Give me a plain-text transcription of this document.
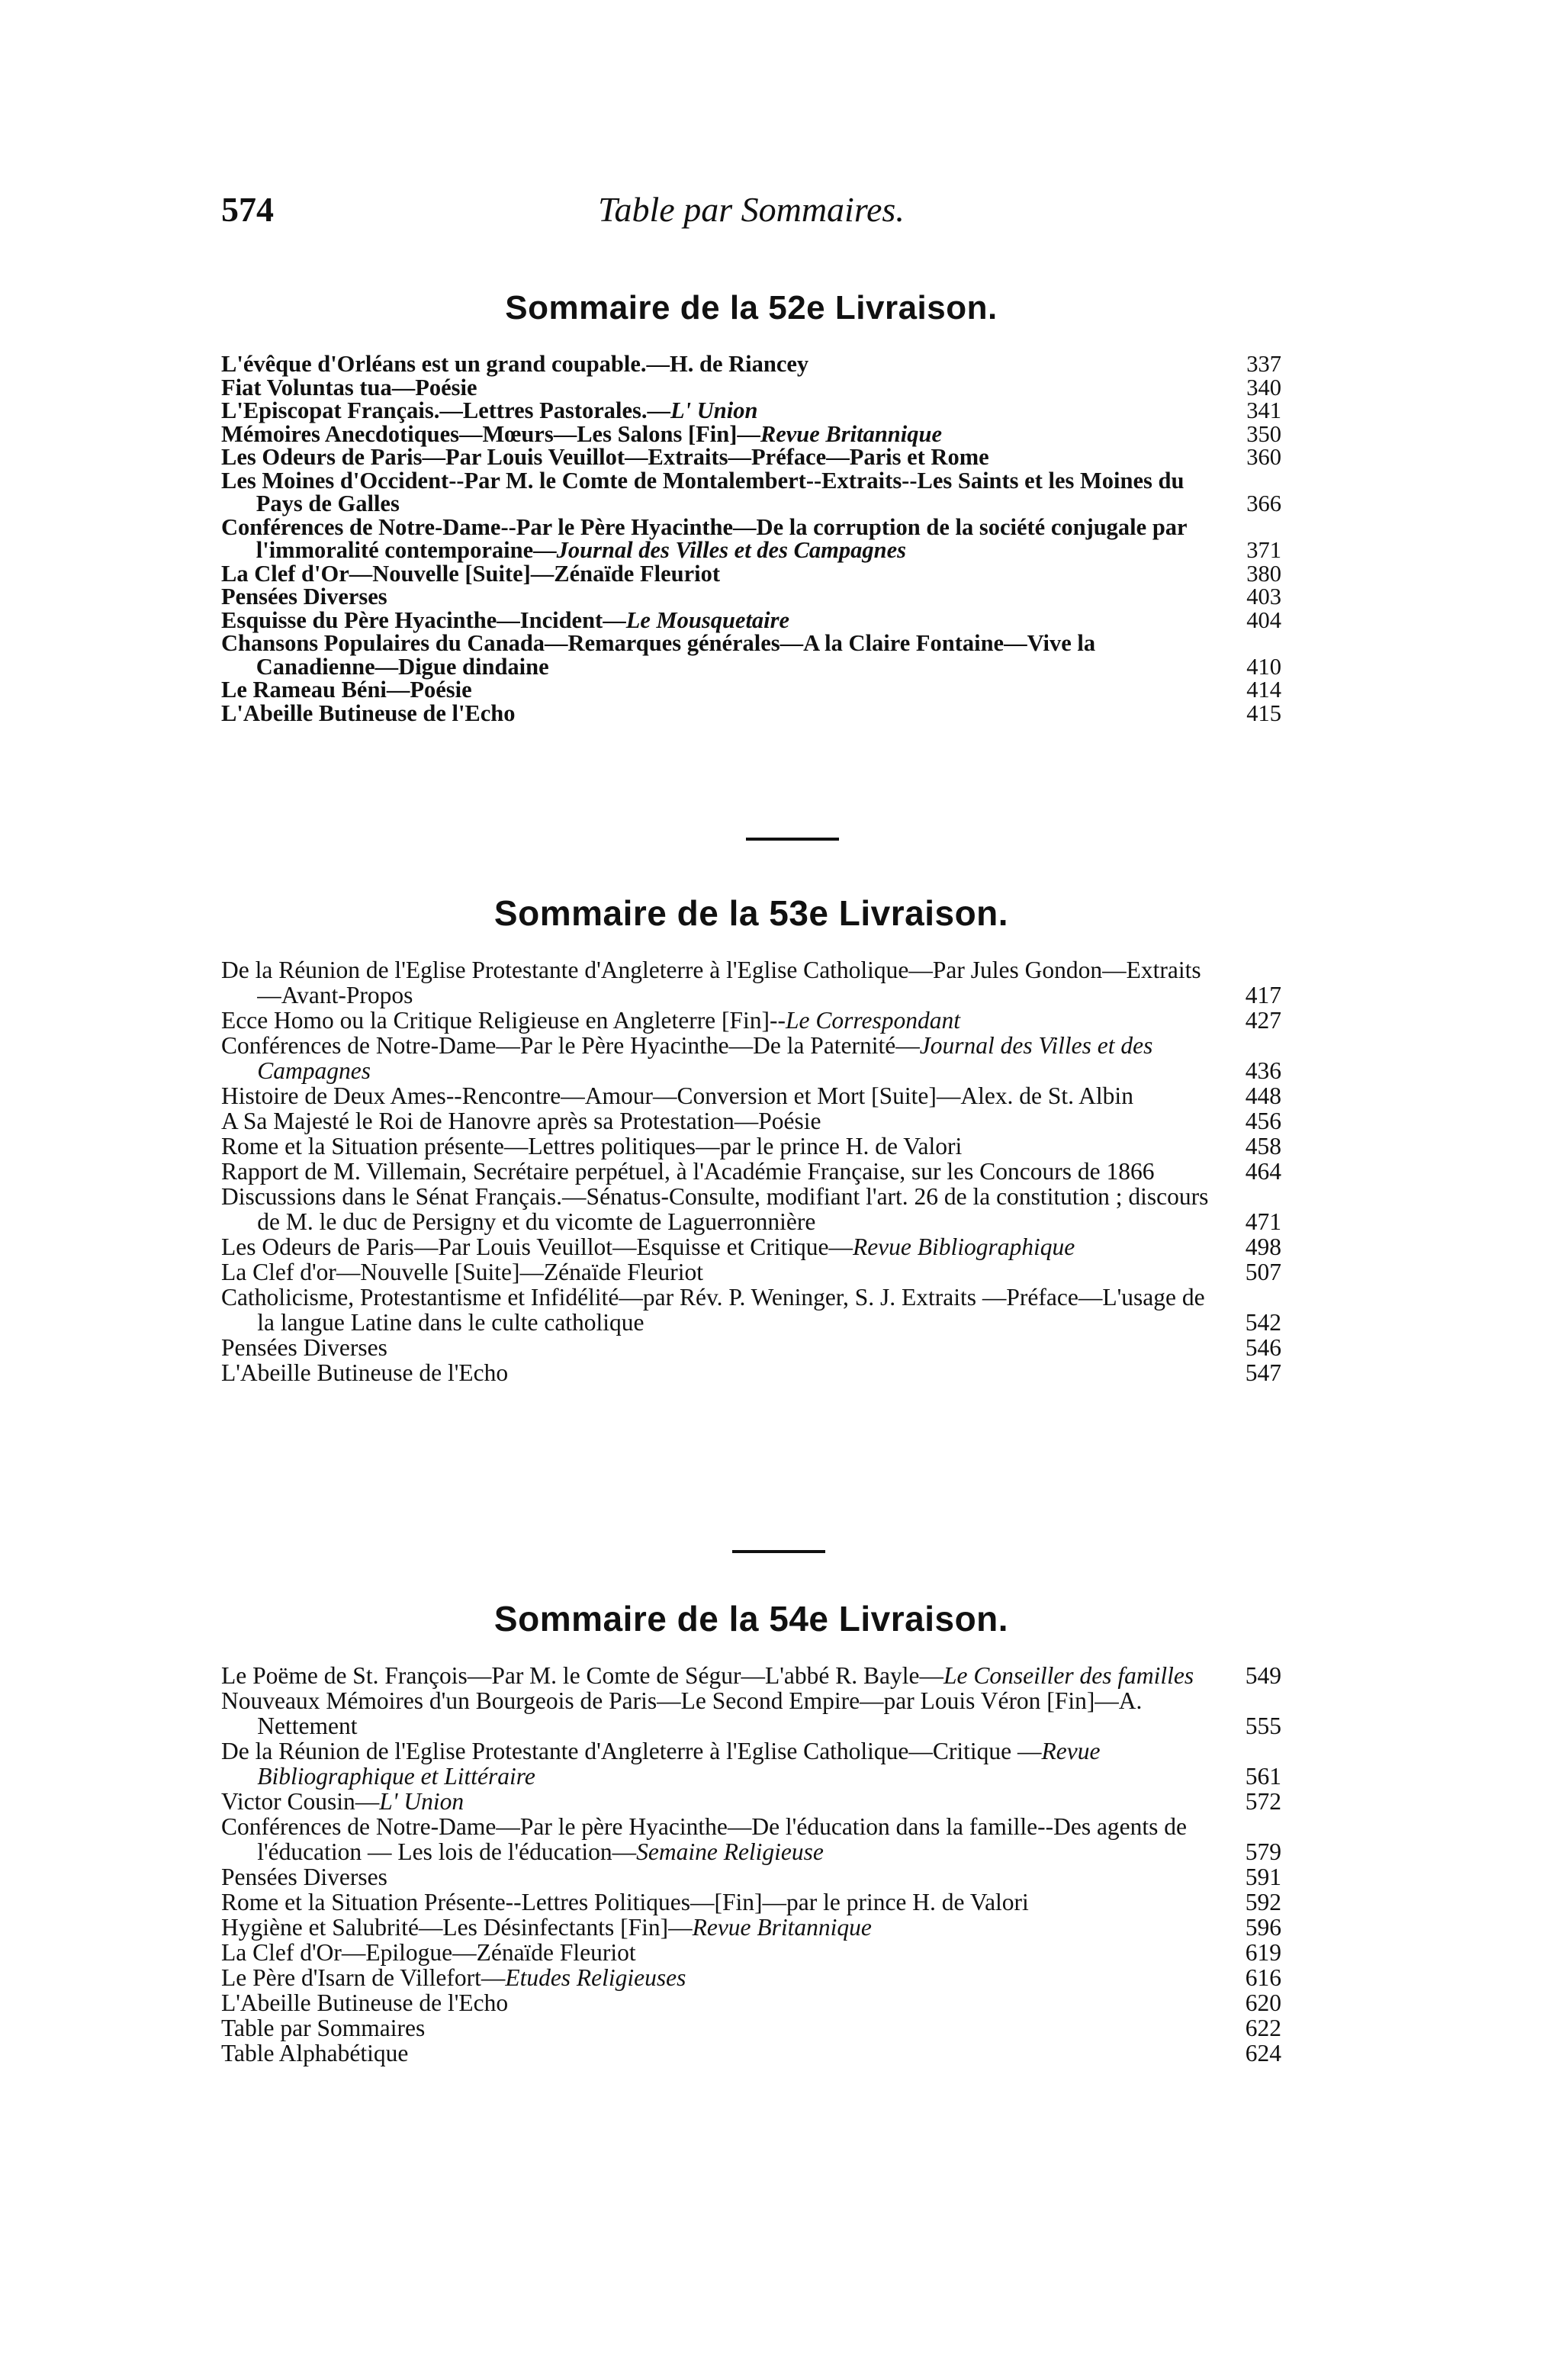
574	Table par Sommaires.
Sommaire de la 52e Livraison.
L'évêque d'Orléans est un grand coupable.—H. de Riancey	337
Fiat Voluntas tua—Poésie	340
L'Episcopat Français.—Lettres Pastorales.—L' Union	341
Mémoires Anecdotiques—Mœurs—Les Salons [Fin]—Revue Britannique	350
Les Odeurs de Paris—Par Louis Veuillot—Extraits—Préface—Paris et Rome	360
Les Moines d'Occident--Par M. le Comte de Montalembert--Extraits--Les Saints et les Moines du Pays de Galles	366
Conférences de Notre-Dame--Par le Père Hyacinthe—De la corruption de la société conjugale par l'immoralité contemporaine—Journal des Villes et des Campagnes	371
La Clef d'Or—Nouvelle [Suite]—Zénaïde Fleuriot	380
Pensées Diverses	403
Esquisse du Père Hyacinthe—Incident—Le Mousquetaire	404
Chansons Populaires du Canada—Remarques générales—A la Claire Fontaine—Vive la Canadienne—Digue dindaine	410
Le Rameau Béni—Poésie	414
L'Abeille Butineuse de l'Echo	415
Sommaire de la 53e Livraison.
De la Réunion de l'Eglise Protestante d'Angleterre à l'Eglise Catholique—Par Jules Gondon—Extraits—Avant-Propos	417
Ecce Homo ou la Critique Religieuse en Angleterre [Fin]--Le Correspondant	427
Conférences de Notre-Dame—Par le Père Hyacinthe—De la Paternité—Journal des Villes et des Campagnes	436
Histoire de Deux Ames--Rencontre—Amour—Conversion et Mort [Suite]—Alex. de St. Albin	448
A Sa Majesté le Roi de Hanovre après sa Protestation—Poésie	456
Rome et la Situation présente—Lettres politiques—par le prince H. de Valori	458
Rapport de M. Villemain, Secrétaire perpétuel, à l'Académie Française, sur les Concours de 1866	464
Discussions dans le Sénat Français.—Sénatus-Consulte, modifiant l'art. 26 de la constitution ; discours de M. le duc de Persigny et du vicomte de Laguerronnière	471
Les Odeurs de Paris—Par Louis Veuillot—Esquisse et Critique—Revue Bibliographique	498
La Clef d'or—Nouvelle [Suite]—Zénaïde Fleuriot	507
Catholicisme, Protestantisme et Infidélité—par Rév. P. Weninger, S. J. Extraits —Préface—L'usage de la langue Latine dans le culte catholique	542
Pensées Diverses	546
L'Abeille Butineuse de l'Echo	547
Sommaire de la 54e Livraison.
Le Poëme de St. François—Par M. le Comte de Ségur—L'abbé R. Bayle—Le Conseiller des familles	549
Nouveaux Mémoires d'un Bourgeois de Paris—Le Second Empire—par Louis Véron [Fin]—A. Nettement	555
De la Réunion de l'Eglise Protestante d'Angleterre à l'Eglise Catholique—Critique —Revue Bibliographique et Littéraire	561
Victor Cousin—L' Union	572
Conférences de Notre-Dame—Par le père Hyacinthe—De l'éducation dans la famille--Des agents de l'éducation — Les lois de l'éducation—Semaine Religieuse	579
Pensées Diverses	591
Rome et la Situation Présente--Lettres Politiques—[Fin]—par le prince H. de Valori	592
Hygiène et Salubrité—Les Désinfectants [Fin]—Revue Britannique	596
La Clef d'Or—Epilogue—Zénaïde Fleuriot	619
Le Père d'Isarn de Villefort—Etudes Religieuses	616
L'Abeille Butineuse de l'Echo	620
Table par Sommaires	622
Table Alphabétique	624
